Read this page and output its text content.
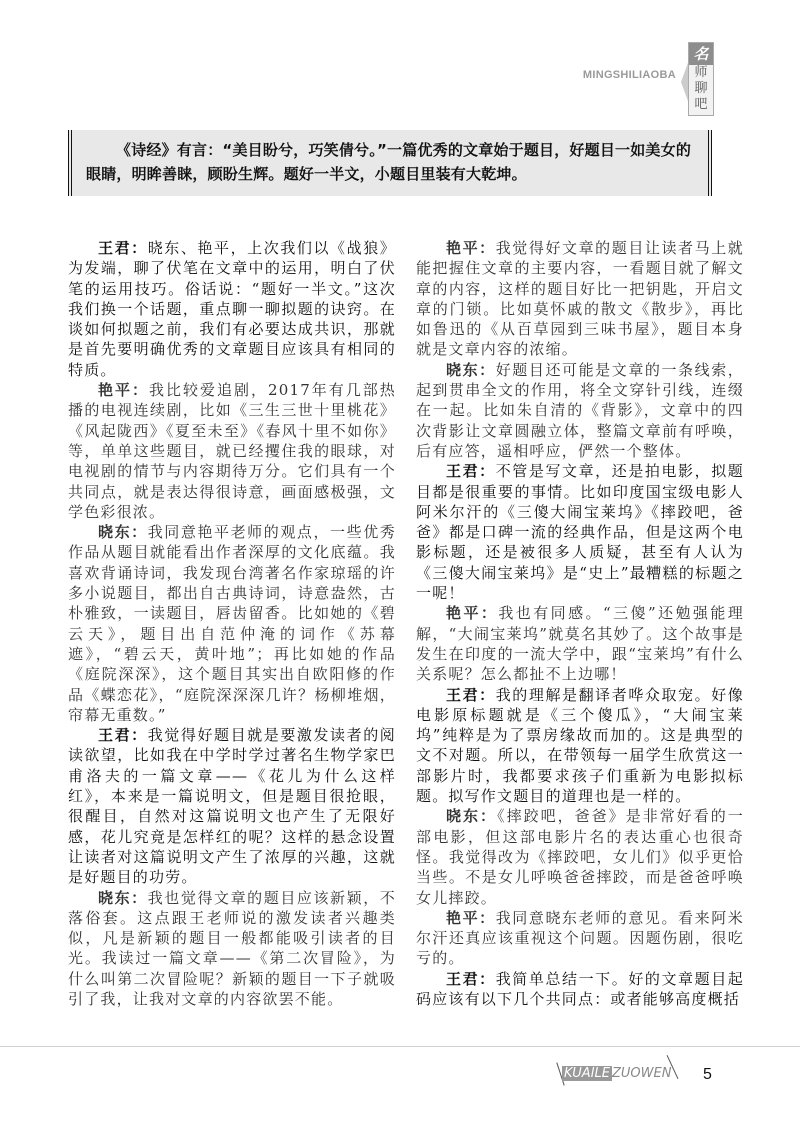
MINGSHILIAOBA
名
师
聊
吧

《诗经》有言：“美目盼兮，巧笑倩兮。”一篇优秀的文章始于题目，好题目一如美女的眼睛，明眸善睐，顾盼生辉。题好一半文，小题目里装有大乾坤。

王君：晓东、艳平，上次我们以《战狼》为发端，聊了伏笔在文章中的运用，明白了伏笔的运用技巧。俗话说：“题好一半文。”这次我们换一个话题，重点聊一聊拟题的诀窍。在谈如何拟题之前，我们有必要达成共识，那就是首先要明确优秀的文章题目应该具有相同的特质。

艳平：我比较爱追剧，2017年有几部热播的电视连续剧，比如《三生三世十里桃花》《风起陇西》《夏至未至》《春风十里不如你》等，单单这些题目，就已经攫住我的眼球，对电视剧的情节与内容期待万分。它们具有一个共同点，就是表达得很诗意，画面感极强，文学色彩很浓。

晓东：我同意艳平老师的观点，一些优秀作品从题目就能看出作者深厚的文化底蕴。我喜欢背诵诗词，我发现台湾著名作家琼瑶的许多小说题目，都出自古典诗词，诗意盎然，古朴雅致，一读题目，唇齿留香。比如她的《碧云天》，题目出自范仲淹的词作《苏幕遮》，“碧云天，黄叶地”；再比如她的作品《庭院深深》，这个题目其实出自欧阳修的作品《蝶恋花》，“庭院深深深几许？杨柳堆烟，帘幕无重数。”

王君：我觉得好题目就是要激发读者的阅读欲望，比如我在中学时学过著名生物学家巴甫洛夫的一篇文章——《花儿为什么这样红》，本来是一篇说明文，但是题目很抢眼，很醒目，自然对这篇说明文也产生了无限好感，花儿究竟是怎样红的呢？这样的悬念设置让读者对这篇说明文产生了浓厚的兴趣，这就是好题目的功劳。

晓东：我也觉得文章的题目应该新颖，不落俗套。这点跟王老师说的激发读者兴趣类似，凡是新颖的题目一般都能吸引读者的目光。我读过一篇文章——《第二次冒险》，为什么叫第二次冒险呢？新颖的题目一下子就吸引了我，让我对文章的内容欲罢不能。

艳平：我觉得好文章的题目让读者马上就能把握住文章的主要内容，一看题目就了解文章的内容，这样的题目好比一把钥匙，开启文章的门锁。比如莫怀戚的散文《散步》，再比如鲁迅的《从百草园到三味书屋》，题目本身就是文章内容的浓缩。

晓东：好题目还可能是文章的一条线索，起到贯串全文的作用，将全文穿针引线，连缀在一起。比如朱自清的《背影》，文章中的四次背影让文章圆融立体，整篇文章前有呼唤，后有应答，遥相呼应，俨然一个整体。

王君：不管是写文章，还是拍电影，拟题目都是很重要的事情。比如印度国宝级电影人阿米尔汗的《三傻大闹宝莱坞》《摔跤吧，爸爸》都是口碑一流的经典作品，但是这两个电影标题，还是被很多人质疑，甚至有人认为《三傻大闹宝莱坞》是“史上”最糟糕的标题之一呢！

艳平：我也有同感。“三傻”还勉强能理解，“大闹宝莱坞”就莫名其妙了。这个故事是发生在印度的一流大学中，跟“宝莱坞”有什么关系呢？怎么都扯不上边哪！

王君：我的理解是翻译者哗众取宠。好像电影原标题就是《三个傻瓜》，“大闹宝莱坞”纯粹是为了票房缘故而加的。这是典型的文不对题。所以，在带领每一届学生欣赏这一部影片时，我都要求孩子们重新为电影拟标题。拟写作文题目的道理也是一样的。

晓东：《摔跤吧，爸爸》是非常好看的一部电影，但这部电影片名的表达重心也很奇怪。我觉得改为《摔跤吧，女儿们》似乎更恰当些。不是女儿呼唤爸爸摔跤，而是爸爸呼唤女儿摔跤。

艳平：我同意晓东老师的意见。看来阿米尔汗还真应该重视这个问题。因题伤剧，很吃亏的。

王君：我简单总结一下。好的文章题目起码应该有以下几个共同点：或者能够高度概括

KUAILE ZUOWEN 5
